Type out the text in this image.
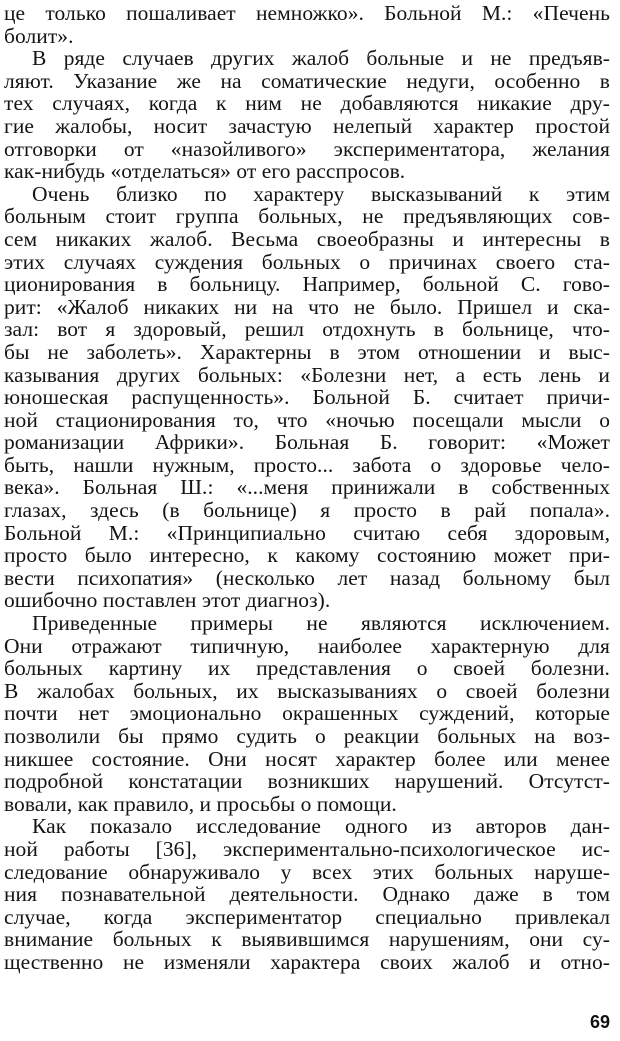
це только пошаливает немножко». Больной М.: «Печень
болит».
В ряде случаев других жалоб больные и не предъяв-
ляют. Указание же на соматические недуги, особенно в
тех случаях, когда к ним не добавляются никакие дру-
гие жалобы, носит зачастую нелепый характер простой
отговорки от «назойливого» экспериментатора, желания
как-нибудь «отделаться» от его расспросов.
Очень близко по характеру высказываний к этим
больным стоит группа больных, не предъявляющих сов-
сем никаких жалоб. Весьма своеобразны и интересны в
этих случаях суждения больных о причинах своего ста-
ционирования в больницу. Например, больной С. гово-
рит: «Жалоб никаких ни на что не было. Пришел и ска-
зал: вот я здоровый, решил отдохнуть в больнице, что-
бы не заболеть». Характерны в этом отношении и выс-
казывания других больных: «Болезни нет, а есть лень и
юношеская распущенность». Больной Б. считает причи-
ной стационирования то, что «ночью посещали мысли о
романизации Африки». Больная Б. говорит: «Может
быть, нашли нужным, просто... забота о здоровье чело-
века». Больная Ш.: «...меня принижали в собственных
глазах, здесь (в больнице) я просто в рай попала».
Больной М.: «Принципиально считаю себя здоровым,
просто было интересно, к какому состоянию может при-
вести психопатия» (несколько лет назад больному был
ошибочно поставлен этот диагноз).
Приведенные примеры не являются исключением.
Они отражают типичную, наиболее характерную для
больных картину их представления о своей болезни.
В жалобах больных, их высказываниях о своей болезни
почти нет эмоционально окрашенных суждений, которые
позволили бы прямо судить о реакции больных на воз-
никшее состояние. Они носят характер более или менее
подробной констатации возникших нарушений. Отсутст-
вовали, как правило, и просьбы о помощи.
Как показало исследование одного из авторов дан-
ной работы [36], экспериментально-психологическое ис-
следование обнаруживало у всех этих больных наруше-
ния познавательной деятельности. Однако даже в том
случае, когда экспериментатор специально привлекал
внимание больных к выявившимся нарушениям, они су-
щественно не изменяли характера своих жалоб и отно-
69
